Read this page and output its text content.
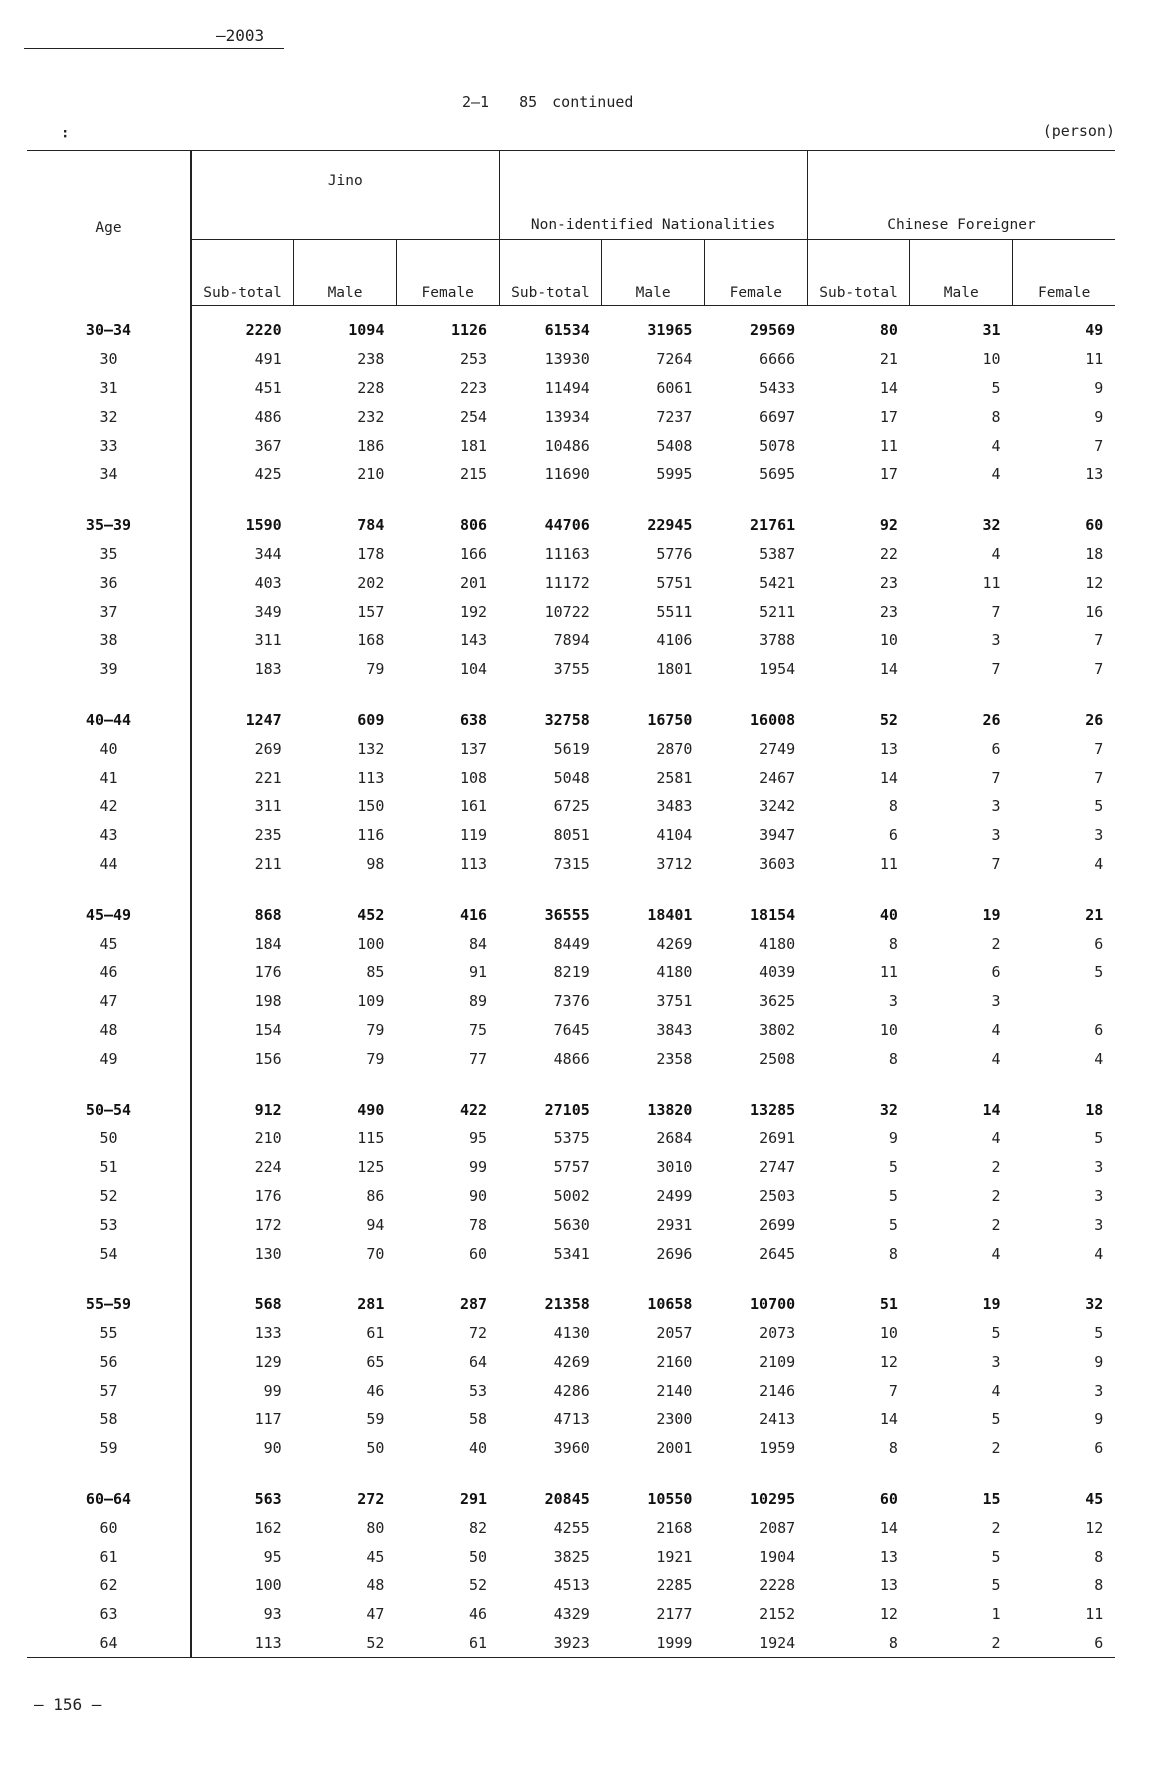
—2003
2—1　　85　continued
∶	(person)
Age	Jino			Non-identified Nationalities			Chinese Foreigner		
	Sub-total	Male	Female	Sub-total	Male	Female	Sub-total	Male	Female

30—34	2220	1094	1126	61534	31965	29569	80	31	49
30	491	238	253	13930	7264	6666	21	10	11
31	451	228	223	11494	6061	5433	14	5	9
32	486	232	254	13934	7237	6697	17	8	9
33	367	186	181	10486	5408	5078	11	4	7
34	425	210	215	11690	5995	5695	17	4	13

35—39	1590	784	806	44706	22945	21761	92	32	60
35	344	178	166	11163	5776	5387	22	4	18
36	403	202	201	11172	5751	5421	23	11	12
37	349	157	192	10722	5511	5211	23	7	16
38	311	168	143	7894	4106	3788	10	3	7
39	183	79	104	3755	1801	1954	14	7	7

40—44	1247	609	638	32758	16750	16008	52	26	26
40	269	132	137	5619	2870	2749	13	6	7
41	221	113	108	5048	2581	2467	14	7	7
42	311	150	161	6725	3483	3242	8	3	5
43	235	116	119	8051	4104	3947	6	3	3
44	211	98	113	7315	3712	3603	11	7	4

45—49	868	452	416	36555	18401	18154	40	19	21
45	184	100	84	8449	4269	4180	8	2	6
46	176	85	91	8219	4180	4039	11	6	5
47	198	109	89	7376	3751	3625	3	3	
48	154	79	75	7645	3843	3802	10	4	6
49	156	79	77	4866	2358	2508	8	4	4

50—54	912	490	422	27105	13820	13285	32	14	18
50	210	115	95	5375	2684	2691	9	4	5
51	224	125	99	5757	3010	2747	5	2	3
52	176	86	90	5002	2499	2503	5	2	3
53	172	94	78	5630	2931	2699	5	2	3
54	130	70	60	5341	2696	2645	8	4	4

55—59	568	281	287	21358	10658	10700	51	19	32
55	133	61	72	4130	2057	2073	10	5	5
56	129	65	64	4269	2160	2109	12	3	9
57	99	46	53	4286	2140	2146	7	4	3
58	117	59	58	4713	2300	2413	14	5	9
59	90	50	40	3960	2001	1959	8	2	6

60—64	563	272	291	20845	10550	10295	60	15	45
60	162	80	82	4255	2168	2087	14	2	12
61	95	45	50	3825	1921	1904	13	5	8
62	100	48	52	4513	2285	2228	13	5	8
63	93	47	46	4329	2177	2152	12	1	11
64	113	52	61	3923	1999	1924	8	2	6
— 156 —
